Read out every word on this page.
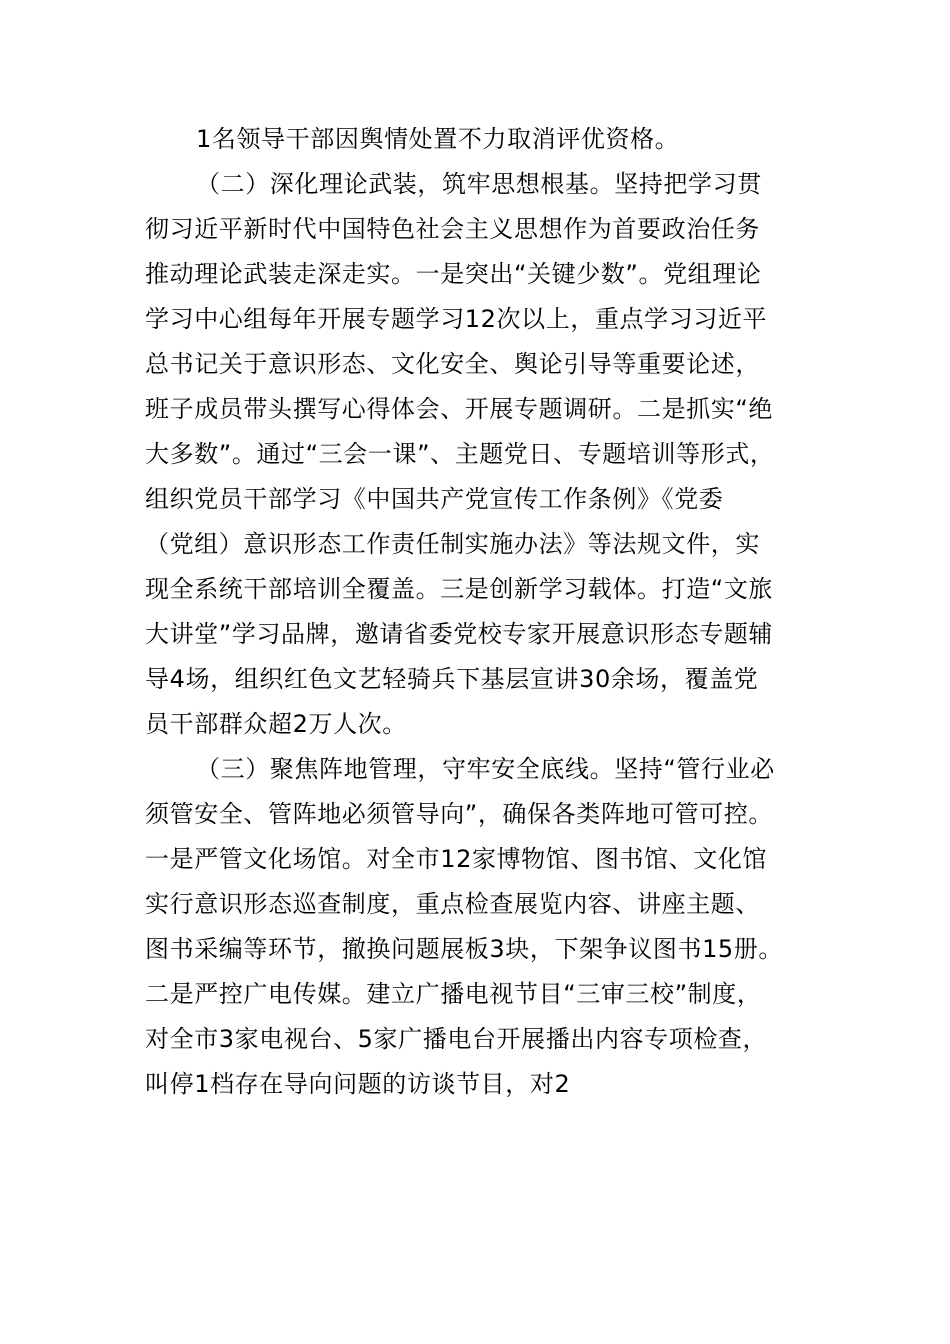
1名领导干部因舆情处置不力取消评优资格。
（二）深化理论武装，筑牢思想根基。坚持把学习贯
彻习近平新时代中国特色社会主义思想作为首要政治任务
推动理论武装走深走实。一是突出“关键少数”。党组理论
学习中心组每年开展专题学习12次以上，重点学习习近平
总书记关于意识形态、文化安全、舆论引导等重要论述，
班子成员带头撰写心得体会、开展专题调研。二是抓实“绝
大多数”。通过“三会一课”、主题党日、专题培训等形式，
组织党员干部学习《中国共产党宣传工作条例》《党委
（党组）意识形态工作责任制实施办法》等法规文件，实
现全系统干部培训全覆盖。三是创新学习载体。打造“文旅
大讲堂”学习品牌，邀请省委党校专家开展意识形态专题辅
导4场，组织红色文艺轻骑兵下基层宣讲30余场，覆盖党
员干部群众超2万人次。
（三）聚焦阵地管理，守牢安全底线。坚持“管行业必
须管安全、管阵地必须管导向”，确保各类阵地可管可控。
一是严管文化场馆。对全市12家博物馆、图书馆、文化馆
实行意识形态巡查制度，重点检查展览内容、讲座主题、
图书采编等环节，撤换问题展板3块，下架争议图书15册。
二是严控广电传媒。建立广播电视节目“三审三校”制度，
对全市3家电视台、5家广播电台开展播出内容专项检查，
叫停1档存在导向问题的访谈节目，对2
